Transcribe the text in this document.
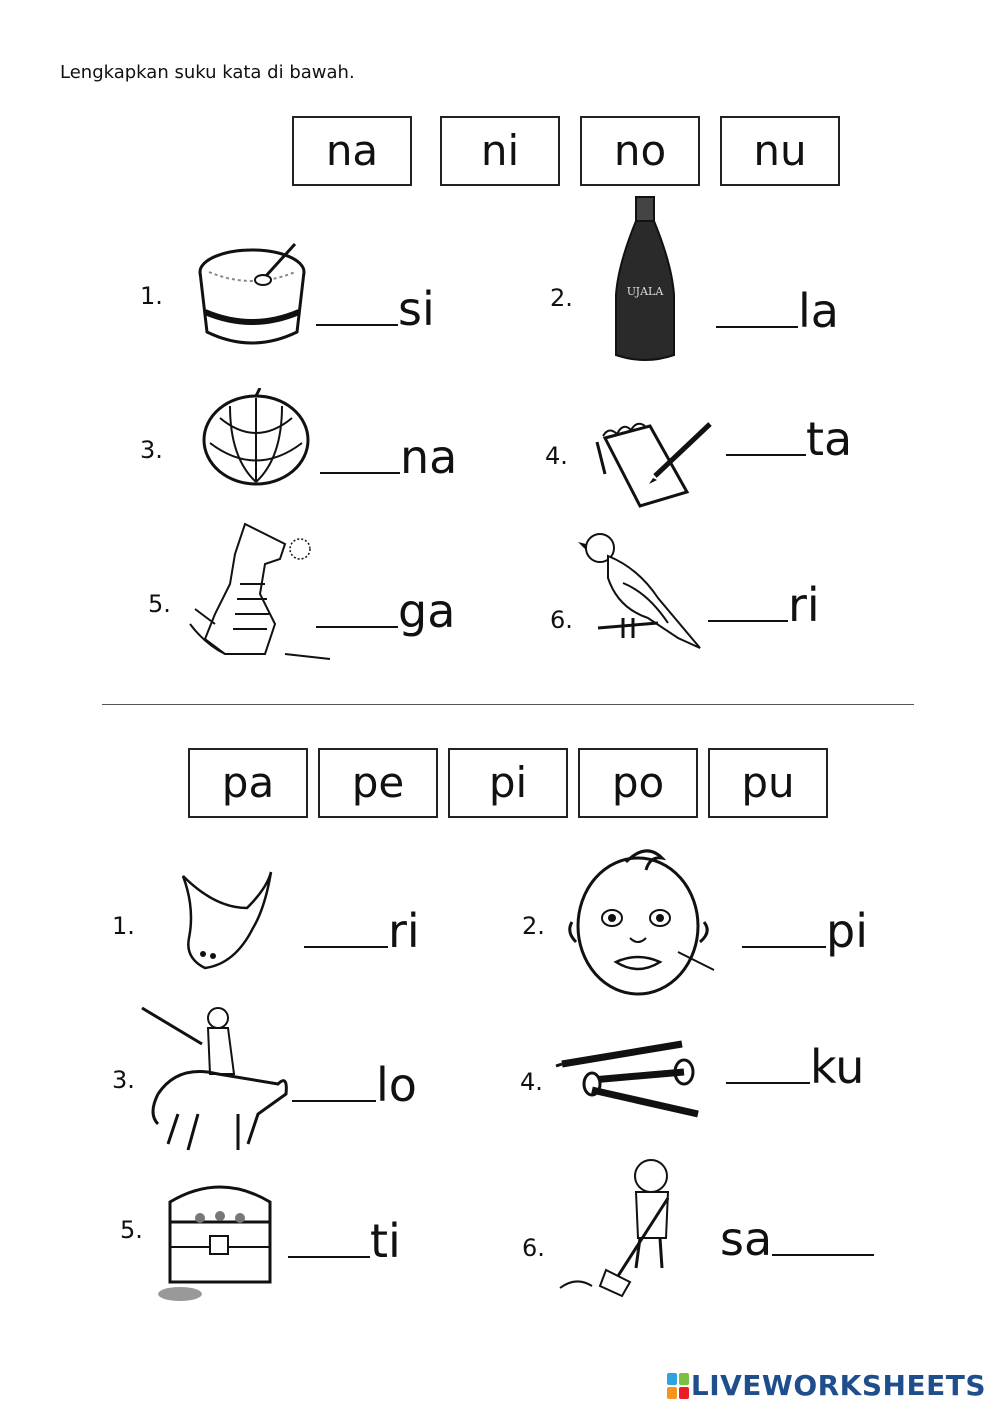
Lengkapkan suku kata di bawah.
na	ni	no	nu
1.	si	2.	UJALA	la
3.	na	4.	ta
5.	ga	6.	ri
pa	pe	pi	po	pu
1.	ri	2.	pi
3.	lo	4.	ku
5.	ti	6.	sa
LIVEWORKSHEETS
